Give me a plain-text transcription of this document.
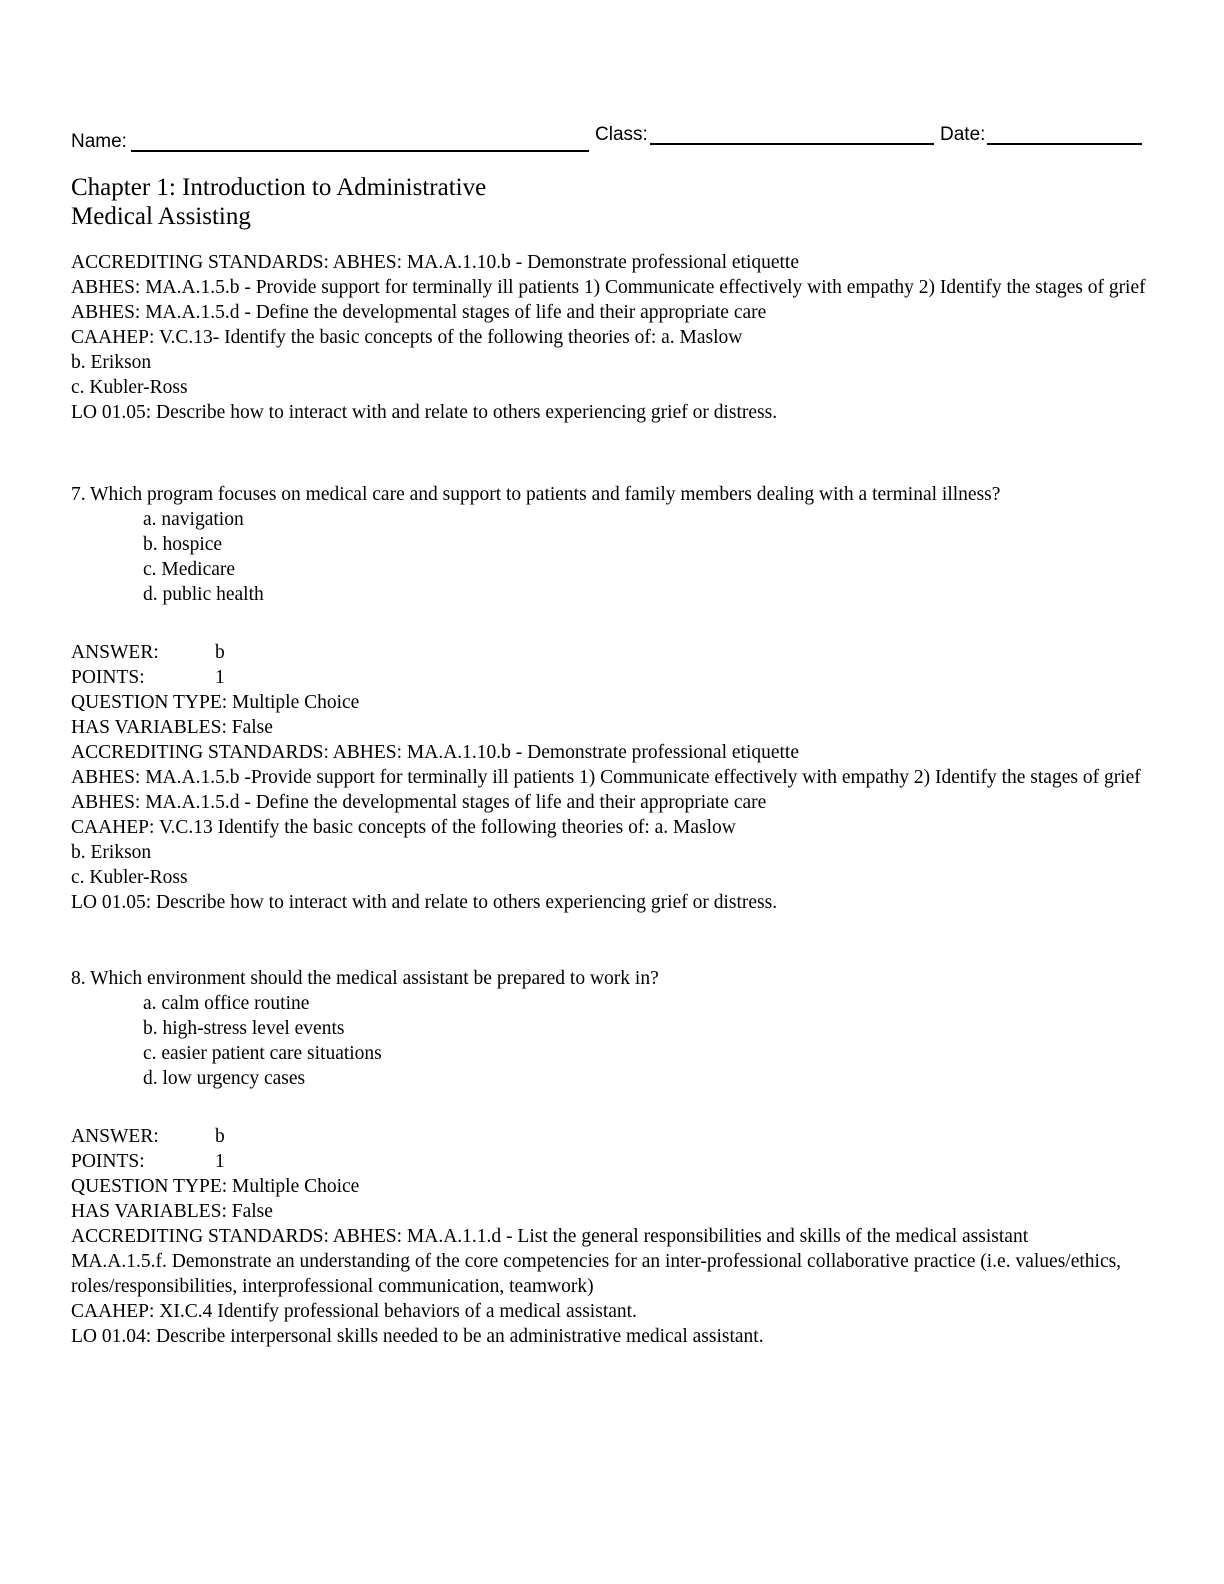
Name:	Class:	Date:
Chapter 1: Introduction to Administrative
Medical Assisting
ACCREDITING STANDARDS: ABHES: MA.A.1.10.b - Demonstrate professional etiquette
ABHES: MA.A.1.5.b - Provide support for terminally ill patients 1) Communicate effectively with empathy 2) Identify the stages of grief
ABHES: MA.A.1.5.d - Define the developmental stages of life and their appropriate care
CAAHEP: V.C.13- Identify the basic concepts of the following theories of: a. Maslow
b. Erikson
c. Kubler-Ross
LO 01.05: Describe how to interact with and relate to others experiencing grief or distress.
7. Which program focuses on medical care and support to patients and family members dealing with a terminal illness?
a. navigation
b. hospice
c. Medicare
d. public health
ANSWER:	b
POINTS:	1
QUESTION TYPE: Multiple Choice
HAS VARIABLES: False
ACCREDITING STANDARDS: ABHES: MA.A.1.10.b - Demonstrate professional etiquette
ABHES: MA.A.1.5.b -Provide support for terminally ill patients 1) Communicate effectively with empathy 2) Identify the stages of grief
ABHES: MA.A.1.5.d - Define the developmental stages of life and their appropriate care
CAAHEP: V.C.13 Identify the basic concepts of the following theories of: a. Maslow
b. Erikson
c. Kubler-Ross
LO 01.05: Describe how to interact with and relate to others experiencing grief or distress.
8. Which environment should the medical assistant be prepared to work in?
a. calm office routine
b. high-stress level events
c. easier patient care situations
d. low urgency cases
ANSWER:	b
POINTS:	1
QUESTION TYPE: Multiple Choice
HAS VARIABLES: False
ACCREDITING STANDARDS: ABHES: MA.A.1.1.d - List the general responsibilities and skills of the medical assistant
MA.A.1.5.f. Demonstrate an understanding of the core competencies for an inter-professional collaborative practice (i.e. values/ethics, roles/responsibilities, interprofessional communication, teamwork)
CAAHEP: XI.C.4 Identify professional behaviors of a medical assistant.
LO 01.04: Describe interpersonal skills needed to be an administrative medical assistant.
